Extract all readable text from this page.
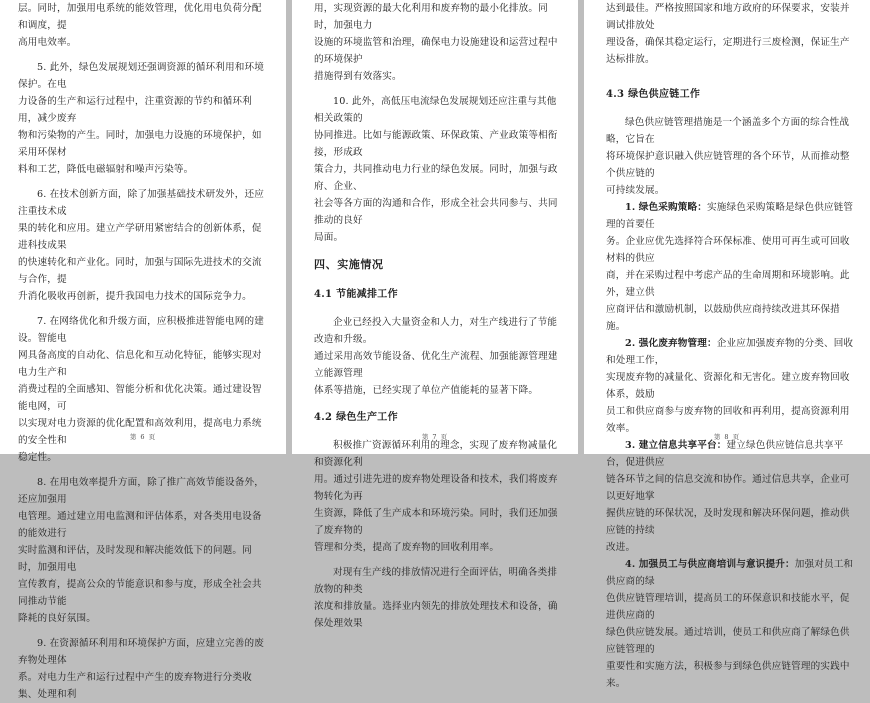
层。同时，加强用电系统的能效管理，优化用电负荷分配和调度，提

高用电效率。

5. 此外，绿色发展规划还强调资源的循环利用和环境保护。在电

力设备的生产和运行过程中，注重资源的节约和循环利用，减少废弃

物和污染物的产生。同时，加强电力设施的环境保护，如采用环保材

料和工艺，降低电磁辐射和噪声污染等。

6. 在技术创新方面，除了加强基础技术研发外，还应注重技术成

果的转化和应用。建立产学研用紧密结合的创新体系，促进科技成果

的快速转化和产业化。同时，加强与国际先进技术的交流与合作，提

升消化吸收再创新，提升我国电力技术的国际竞争力。

7. 在网络优化和升级方面，应积极推进智能电网的建设。智能电

网具备高度的自动化、信息化和互动化特征，能够实现对电力生产和

消费过程的全面感知、智能分析和优化决策。通过建设智能电网，可

以实现对电力资源的优化配置和高效利用，提高电力系统的安全性和

稳定性。

8. 在用电效率提升方面，除了推广高效节能设备外，还应加强用

电管理。通过建立用电监测和评估体系，对各类用电设备的能效进行

实时监测和评估，及时发现和解决能效低下的问题。同时，加强用电

宣传教育，提高公众的节能意识和参与度，形成全社会共同推动节能

降耗的良好氛围。

9. 在资源循环利用和环境保护方面，应建立完善的废弃物处理体

系。对电力生产和运行过程中产生的废弃物进行分类收集、处理和利

第 6 页

用，实现资源的最大化利用和废弃物的最小化排放。同时，加强电力

设施的环境监管和治理，确保电力设施建设和运营过程中的环境保护

措施得到有效落实。

10. 此外，高低压电流绿色发展规划还应注重与其他相关政策的

协同推进。比如与能源政策、环保政策、产业政策等相衔接，形成政

策合力，共同推动电力行业的绿色发展。同时，加强与政府、企业、

社会等各方面的沟通和合作，形成全社会共同参与、共同推动的良好

局面。

四、实施情况
4.1 节能减排工作

企业已经投入大量资金和人力，对生产线进行了节能改造和升级。

通过采用高效节能设备、优化生产流程、加强能源管理建立能源管理

体系等措施，已经实现了单位产值能耗的显著下降。

4.2 绿色生产工作

积极推广资源循环利用的理念，实现了废弃物减量化和资源化利

用。通过引进先进的废弃物处理设备和技术，我们将废弃物转化为再

生资源，降低了生产成本和环境污染。同时，我们还加强了废弃物的

管理和分类，提高了废弃物的回收利用率。

对现有生产线的排放情况进行全面评估，明确各类排放物的种类

浓度和排放量。选择业内领先的排放处理技术和设备，确保处理效果

第 7 页

达到最佳。严格按照国家和地方政府的环保要求，安装并调试排放处

理设备，确保其稳定运行，定期进行三废检测，保证生产达标排放。

4.3 绿色供应链工作

绿色供应链管理措施是一个涵盖多个方面的综合性战略，它旨在

将环境保护意识融入供应链管理的各个环节，从而推动整个供应链的

可持续发展。

1. 绿色采购策略：实施绿色采购策略是绿色供应链管理的首要任

务。企业应优先选择符合环保标准、使用可再生或可回收材料的供应

商，并在采购过程中考虑产品的生命周期和环境影响。此外，建立供

应商评估和激励机制，以鼓励供应商持续改进其环保措施。

2. 强化废弃物管理：企业应加强废弃物的分类、回收和处理工作，

实现废弃物的减量化、资源化和无害化。建立废弃物回收体系，鼓励

员工和供应商参与废弃物的回收和再利用，提高资源利用效率。

3. 建立信息共享平台：建立绿色供应链信息共享平台，促进供应

链各环节之间的信息交流和协作。通过信息共享，企业可以更好地掌

握供应链的环保状况，及时发现和解决环保问题，推动供应链的持续

改进。

4. 加强员工与供应商培训与意识提升：加强对员工和供应商的绿

色供应链管理培训，提高员工的环保意识和技能水平，促进供应商的

绿色供应链发展。通过培训，使员工和供应商了解绿色供应链管理的

重要性和实施方法，积极参与到绿色供应链管理的实践中来。

第 8 页
